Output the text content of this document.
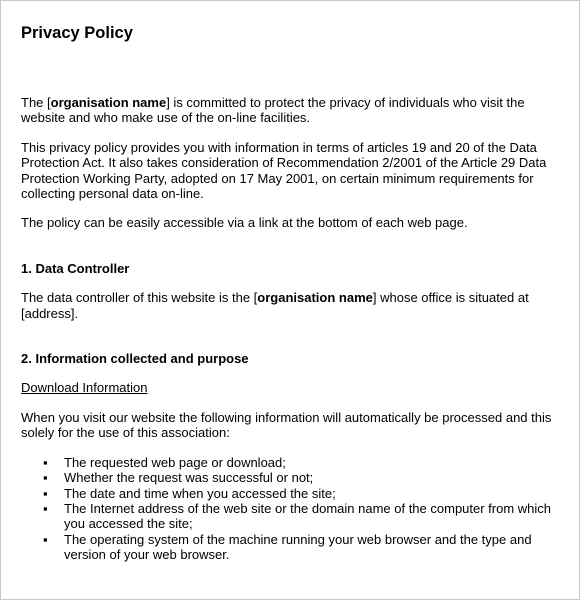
Privacy Policy

The [organisation name] is committed to protect the privacy of individuals who visit the website and who make use of the on-line facilities.

This privacy policy provides you with information in terms of articles 19 and 20 of the Data Protection Act. It also takes consideration of Recommendation 2/2001 of the Article 29 Data Protection Working Party, adopted on 17 May 2001, on certain minimum requirements for collecting personal data on-line.

The policy can be easily accessible via a link at the bottom of each web page.

1. Data Controller

The data controller of this website is the [organisation name] whose office is situated at [address].

2. Information collected and purpose

Download Information

When you visit our website the following information will automatically be processed and this solely for the use of this association:

▪ The requested web page or download;
▪ Whether the request was successful or not;
▪ The date and time when you accessed the site;
▪ The Internet address of the web site or the domain name of the computer from which you accessed the site;
▪ The operating system of the machine running your web browser and the type and version of your web browser.
